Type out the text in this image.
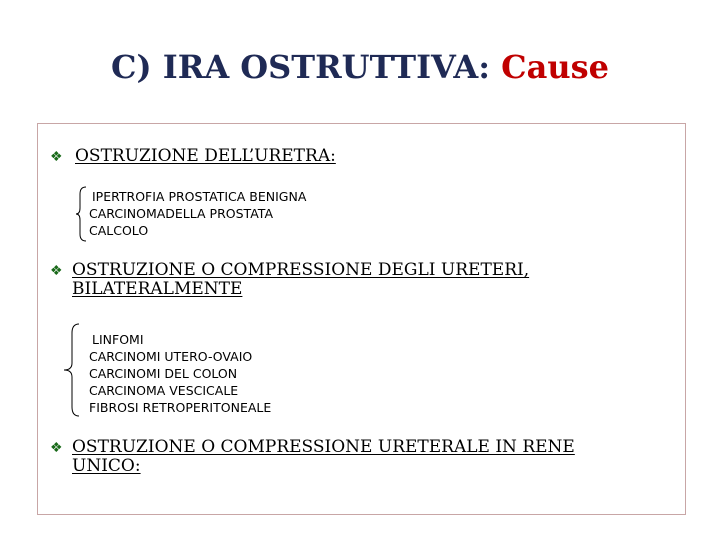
C) IRA OSTRUTTIVA: Cause
❖ OSTRUZIONE DELL’URETRA:
IPERTROFIA PROSTATICA BENIGNA
CARCINOMADELLA PROSTATA
CALCOLO
❖ OSTRUZIONE O COMPRESSIONE DEGLI URETERI,
BILATERALMENTE
LINFOMI
CARCINOMI UTERO-OVAIO
CARCINOMI DEL COLON
CARCINOMA VESCICALE
FIBROSI RETROPERITONEALE
❖ OSTRUZIONE O COMPRESSIONE URETERALE IN RENE
UNICO:
